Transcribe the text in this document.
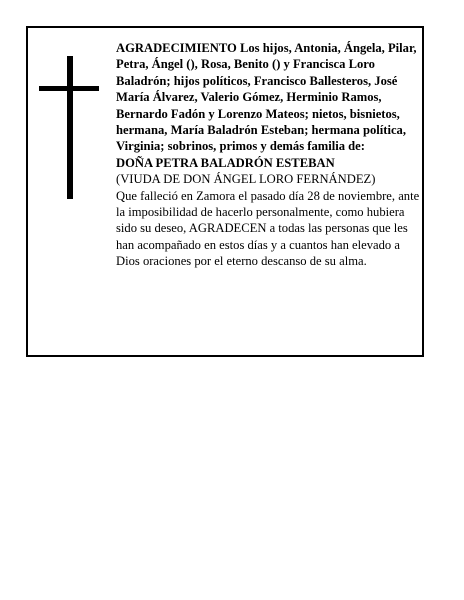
AGRADECIMIENTO Los hijos, Antonia, Ángela, Pilar, Petra, Ángel (), Rosa, Benito () y Francisca Loro Baladrón; hijos políticos, Francisco Ballesteros, José María Álvarez, Valerio Gómez, Herminio Ramos, Bernardo Fadón y Lorenzo Mateos; nietos, bisnietos, hermana, María Baladrón Esteban; hermana política, Virginia; sobrinos, primos y demás familia de:

DOÑA PETRA BALADRÓN ESTEBAN

(VIUDA DE DON ÁNGEL LORO FERNÁNDEZ)

Que falleció en Zamora el pasado día 28 de noviembre, ante la imposibilidad de hacerlo personalmente, como hubiera sido su deseo, AGRADECEN a todas las personas que les han acompañado en estos días y a cuantos han elevado a Dios oraciones por el eterno descanso de su alma.
